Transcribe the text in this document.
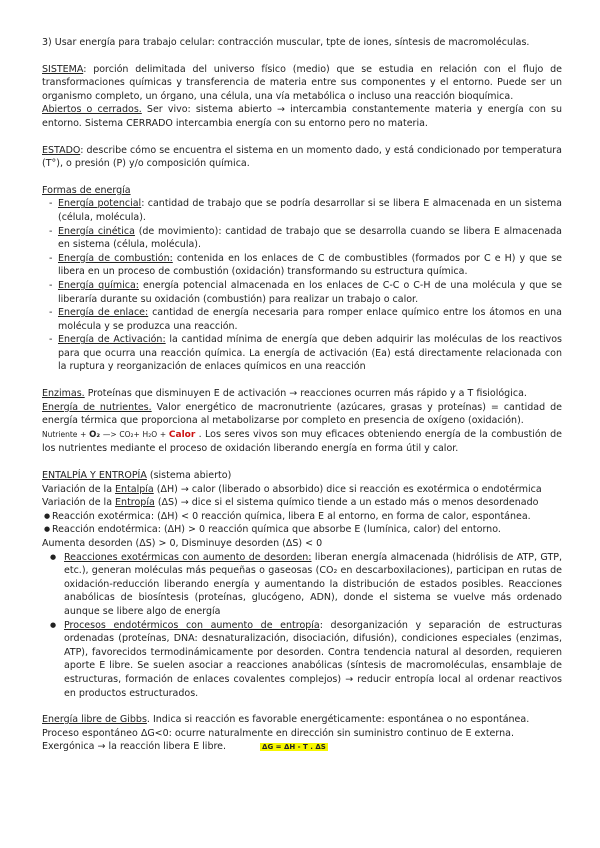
3) Usar energía para trabajo celular: contracción muscular, tpte de iones, síntesis de macromoléculas.

SISTEMA: porción delimitada del universo físico (medio) que se estudia en relación con el flujo de transformaciones químicas y transferencia de materia entre sus componentes y el entorno. Puede ser un organismo completo, un órgano, una célula, una vía metabólica o incluso una reacción bioquímica.

Abiertos o cerrados. Ser vivo: sistema abierto → intercambia constantemente materia y energía con su entorno. Sistema CERRADO intercambia energía con su entorno pero no materia.

ESTADO: describe cómo se encuentra el sistema en un momento dado, y está condicionado por temperatura (T°), o presión (P) y/o composición química.

Formas de energía

- Energía potencial: cantidad de trabajo que se podría desarrollar si se libera E almacenada en un sistema (célula, molécula).
- Energía cinética (de movimiento): cantidad de trabajo que se desarrolla cuando se libera E almacenada en sistema (célula, molécula).
- Energía de combustión: contenida en los enlaces de C de combustibles (formados por C e H) y que se libera en un proceso de combustión (oxidación) transformando su estructura química.
- Energía química: energía potencial almacenada en los enlaces de C-C o C-H de una molécula y que se liberaría durante su oxidación (combustión) para realizar un trabajo o calor.
- Energía de enlace: cantidad de energía necesaria para romper enlace químico entre los átomos en una molécula y se produzca una reacción.
- Energía de Activación: la cantidad mínima de energía que deben adquirir las moléculas de los reactivos para que ocurra una reacción química. La energía de activación (Ea) está directamente relacionada con la ruptura y reorganización de enlaces químicos en una reacción

Enzimas. Proteínas que disminuyen E de activación → reacciones ocurren más rápido y a T fisiológica.

Energía de nutrientes. Valor energético de macronutriente (azúcares, grasas y proteínas) = cantidad de energía térmica que proporciona al metabolizarse por completo en presencia de oxígeno (oxidación).

Nutriente + O₂ —> CO₂+ H₂O + Calor . Los seres vivos son muy eficaces obteniendo energía de la combustión de los nutrientes mediante el proceso de oxidación liberando energía en forma útil y calor.

ENTALPÍA Y ENTROPÍA (sistema abierto)

Variación de la Entalpía (ΔH) → calor (liberado o absorbido) dice si reacción es exotérmica o endotérmica

Variación de la Entropía (ΔS) → dice si el sistema químico tiende a un estado más o menos desordenado

● Reacción exotérmica: (ΔH) < 0 reacción química, libera E al entorno, en forma de calor, espontánea.
● Reacción endotérmica: (ΔH) > 0 reacción química que absorbe E (lumínica, calor) del entorno.

Aumenta desorden (ΔS) > 0, Disminuye desorden (ΔS) < 0

● Reacciones exotérmicas con aumento de desorden: liberan energía almacenada (hidrólisis de ATP, GTP, etc.), generan moléculas más pequeñas o gaseosas (CO₂ en descarboxilaciones), participan en rutas de oxidación-reducción liberando energía y aumentando la distribución de estados posibles. Reacciones anabólicas de biosíntesis (proteínas, glucógeno, ADN), donde el sistema se vuelve más ordenado aunque se libere algo de energía
● Procesos endotérmicos con aumento de entropía: desorganización y separación de estructuras ordenadas (proteínas, DNA: desnaturalización, disociación, difusión), condiciones especiales (enzimas, ATP), favorecidos termodinámicamente por desorden. Contra tendencia natural al desorden, requieren aporte E libre. Se suelen asociar a reacciones anabólicas (síntesis de macromoléculas, ensamblaje de estructuras, formación de enlaces covalentes complejos) → reducir entropía local al ordenar reactivos en productos estructurados.

Energía libre de Gibbs. Indica si reacción es favorable energéticamente: espontánea o no espontánea.

Proceso espontáneo ΔG<0: ocurre naturalmente en dirección sin suministro continuo de E externa.

Exergónica → la reacción libera E libre.	ΔG = ΔH - T . ΔS
